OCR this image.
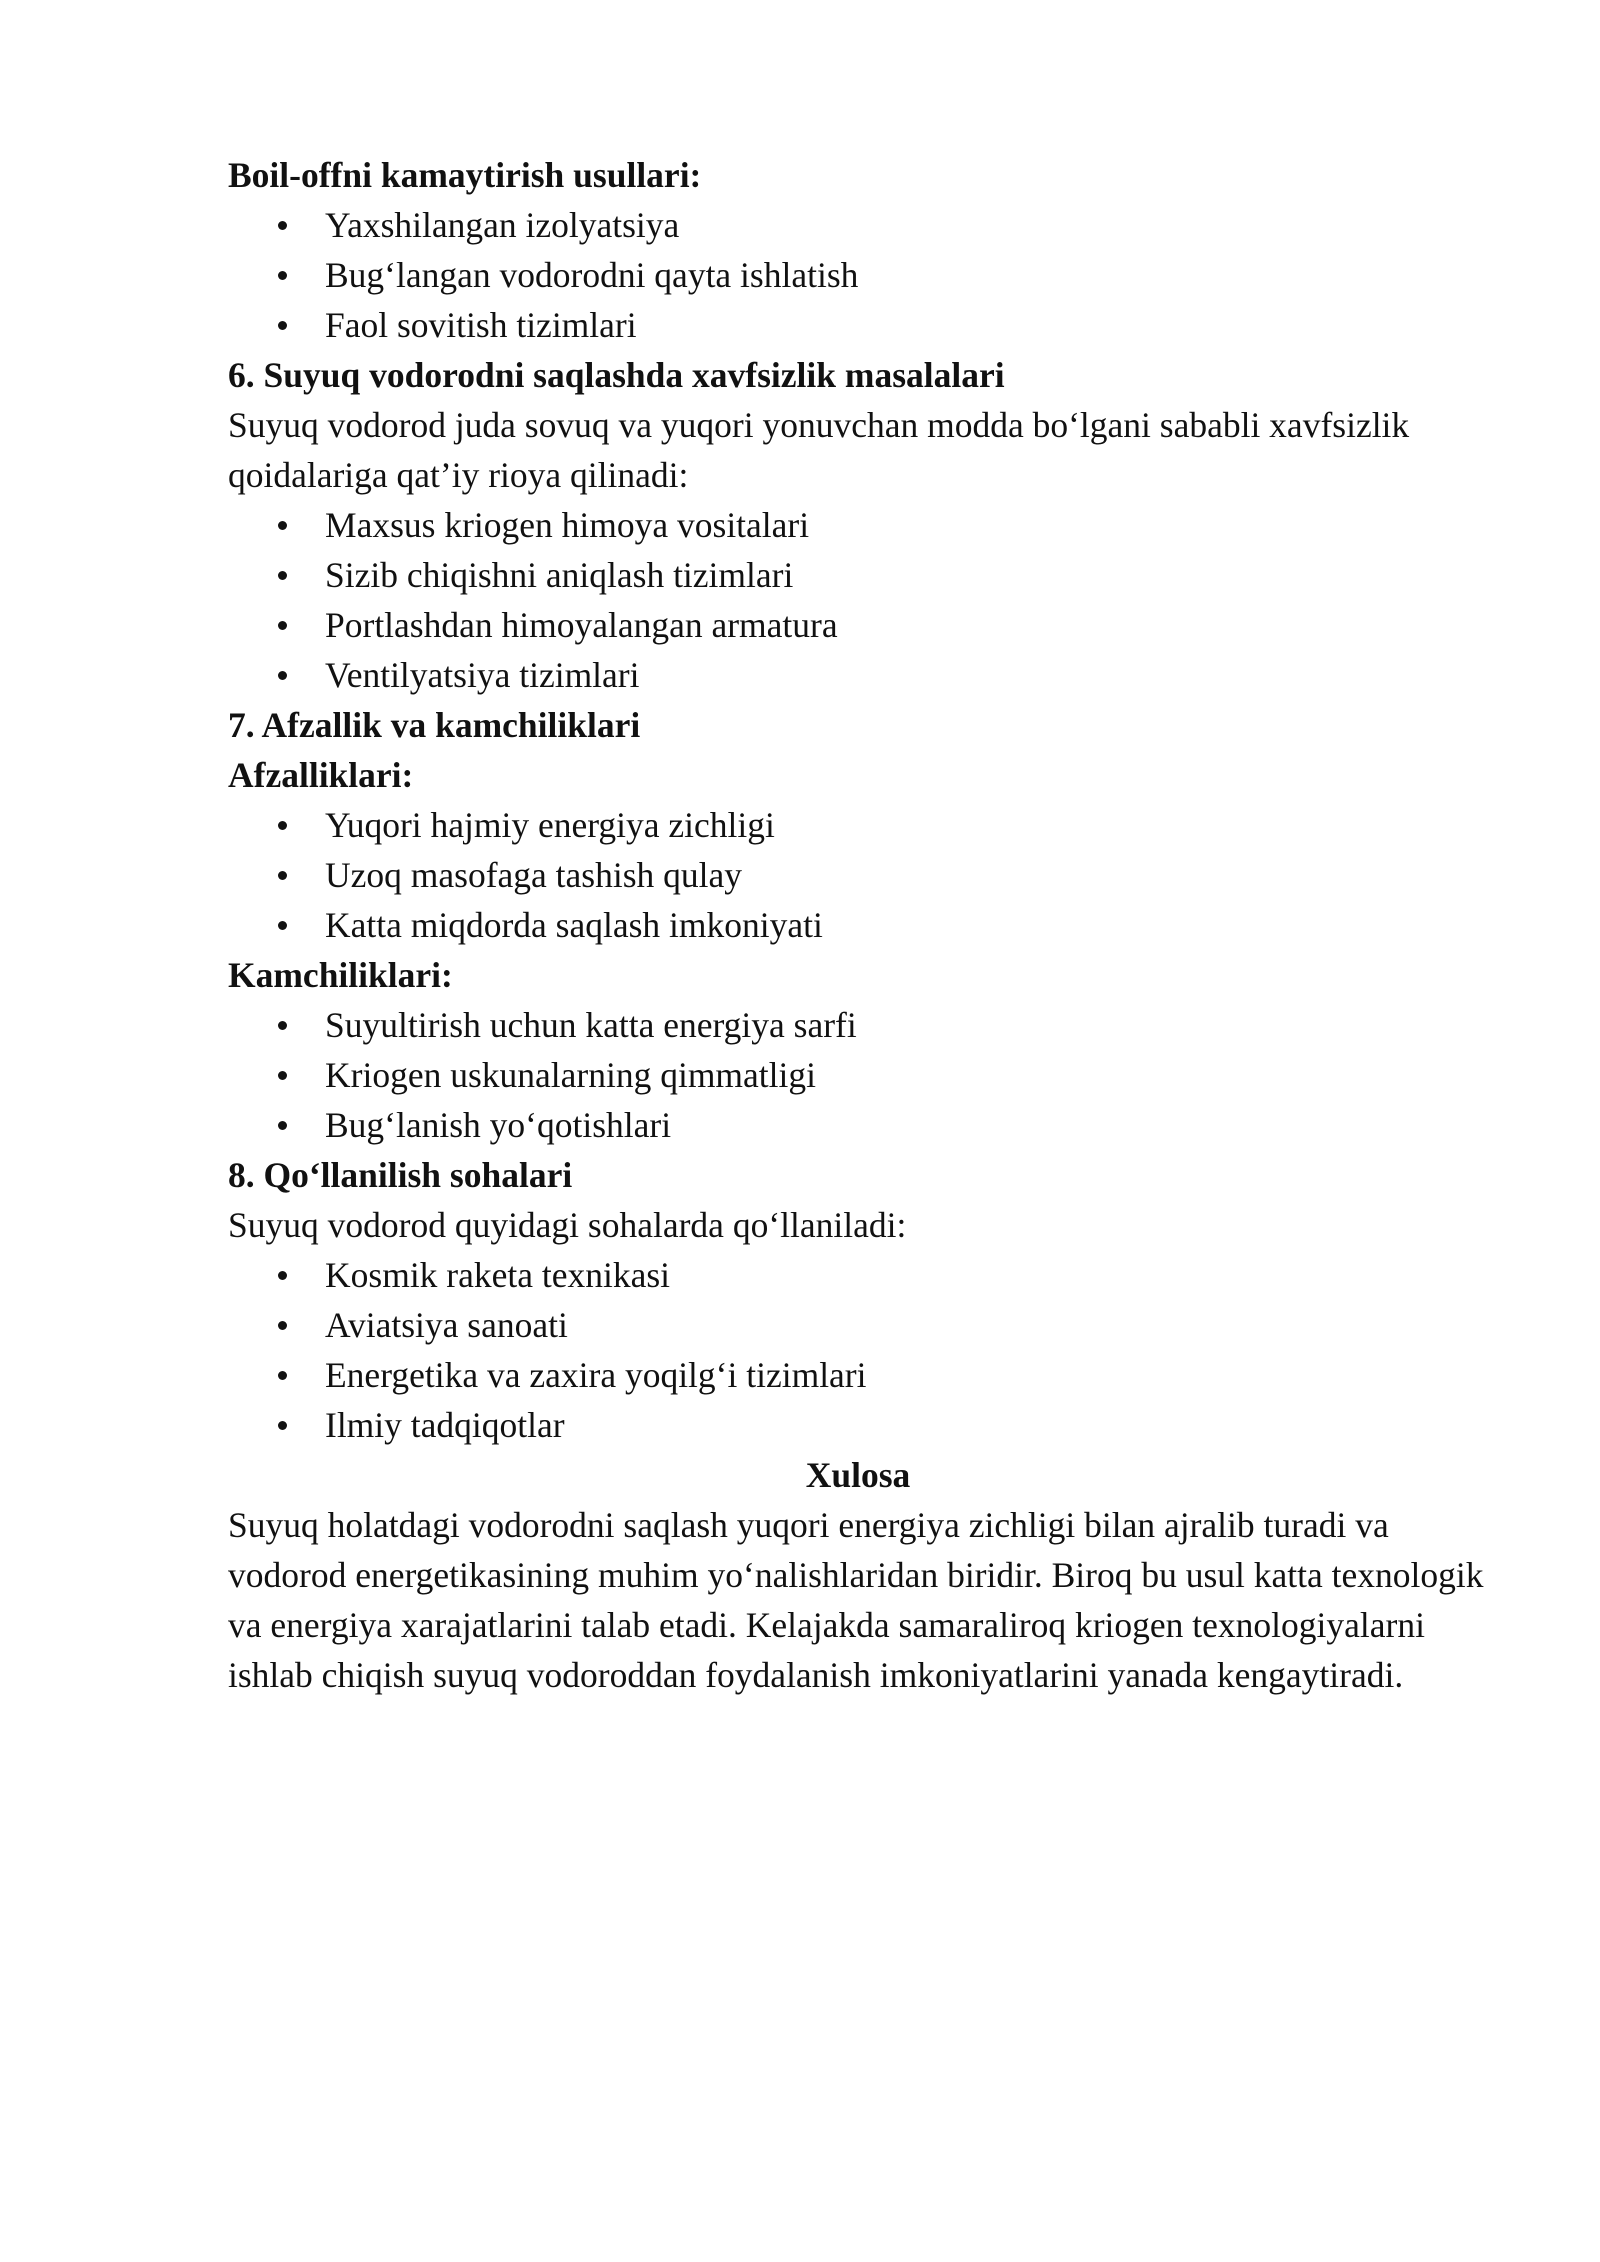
Boil-offni kamaytirish usullari:

Yaxshilangan izolyatsiya
Bug‘langan vodorodni qayta ishlatish
Faol sovitish tizimlari

6. Suyuq vodorodni saqlashda xavfsizlik masalalari

Suyuq vodorod juda sovuq va yuqori yonuvchan modda bo‘lgani sababli xavfsizlik qoidalariga qat’iy rioya qilinadi:

Maxsus kriogen himoya vositalari
Sizib chiqishni aniqlash tizimlari
Portlashdan himoyalangan armatura
Ventilyatsiya tizimlari

7. Afzallik va kamchiliklari

Afzalliklari:

Yuqori hajmiy energiya zichligi
Uzoq masofaga tashish qulay
Katta miqdorda saqlash imkoniyati

Kamchiliklari:

Suyultirish uchun katta energiya sarfi
Kriogen uskunalarning qimmatligi
Bug‘lanish yo‘qotishlari

8. Qo‘llanilish sohalari

Suyuq vodorod quyidagi sohalarda qo‘llaniladi:

Kosmik raketa texnikasi
Aviatsiya sanoati
Energetika va zaxira yoqilg‘i tizimlari
Ilmiy tadqiqotlar

Xulosa

Suyuq holatdagi vodorodni saqlash yuqori energiya zichligi bilan ajralib turadi va vodorod energetikasining muhim yo‘nalishlaridan biridir. Biroq bu usul katta texnologik va energiya xarajatlarini talab etadi. Kelajakda samaraliroq kriogen texnologiyalarni ishlab chiqish suyuq vodoroddan foydalanish imkoniyatlarini yanada kengaytiradi.
